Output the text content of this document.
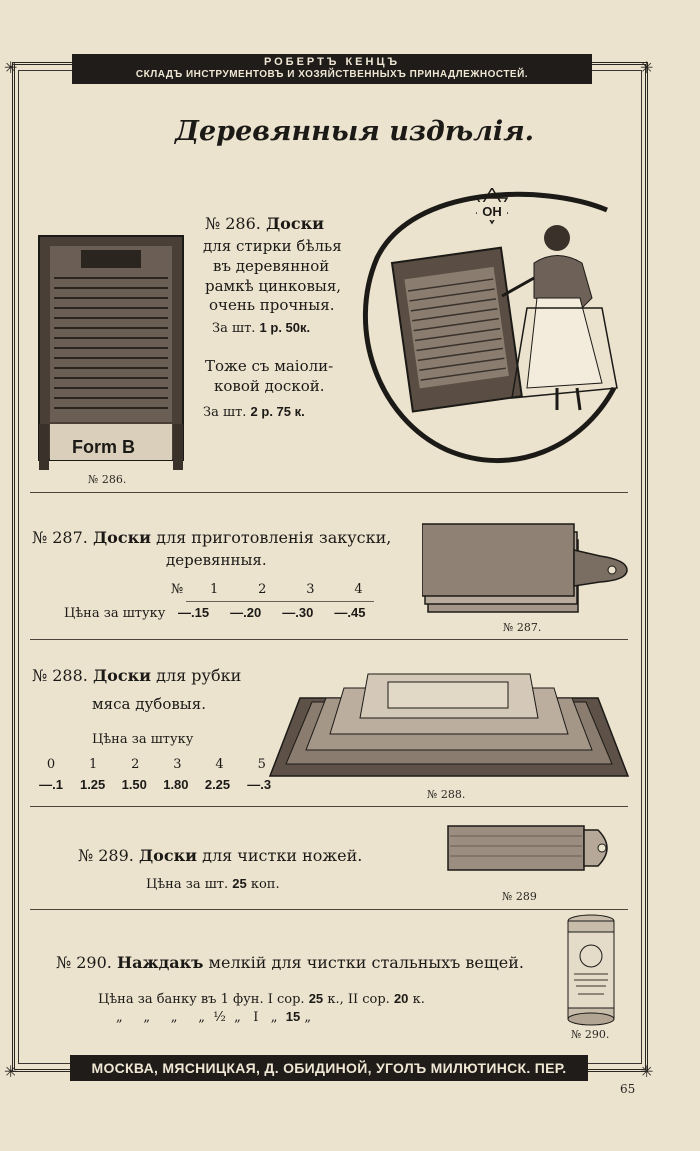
✳	✳
✳	✳
РОБЕРТЪ КЕНЦЪ
СКЛАДЪ ИНСТРУМЕНТОВЪ И ХОЗЯЙСТВЕННЫХЪ ПРИНАДЛЕЖНОСТЕЙ.
Деревянныя издѣлія.
Form B
№ 286.
№ 286. Доски
для стирки бѣлья
въ деревянной
рамкѣ цинковыя,
очень прочныя.
За шт. 1 р. 50к.
Тоже съ маіоли-
ковой доской.
За шт. 2 р. 75 к.
OH
№ 287. Доски для приготовленія закуски,
деревянныя.
№ 1	2	3	4
Цѣна за штуку —.15 —.20 —.30 —.45
№ 287.
№ 288. Доски для рубки
мяса дубовыя.
Цѣна за штуку
0	1	2	3	4	5
—.1 1.25 1.50 1.80 2.25 —.3
№ 288.
№ 289. Доски для чистки ножей.
Цѣна за шт. 25 коп.
№ 289
№ 290. Наждакъ мелкій для чистки стальныхъ вещей.
Цѣна за банку въ 1 фун. I сор. 25 к., II сор. 20 к.
„     „     „     „  ¹⁄₂  „   I   „  15 „
№ 290.
МОСКВА, МЯСНИЦКАЯ, Д. ОБИДИНОЙ, УГОЛЪ МИЛЮТИНСК. ПЕР.
65
